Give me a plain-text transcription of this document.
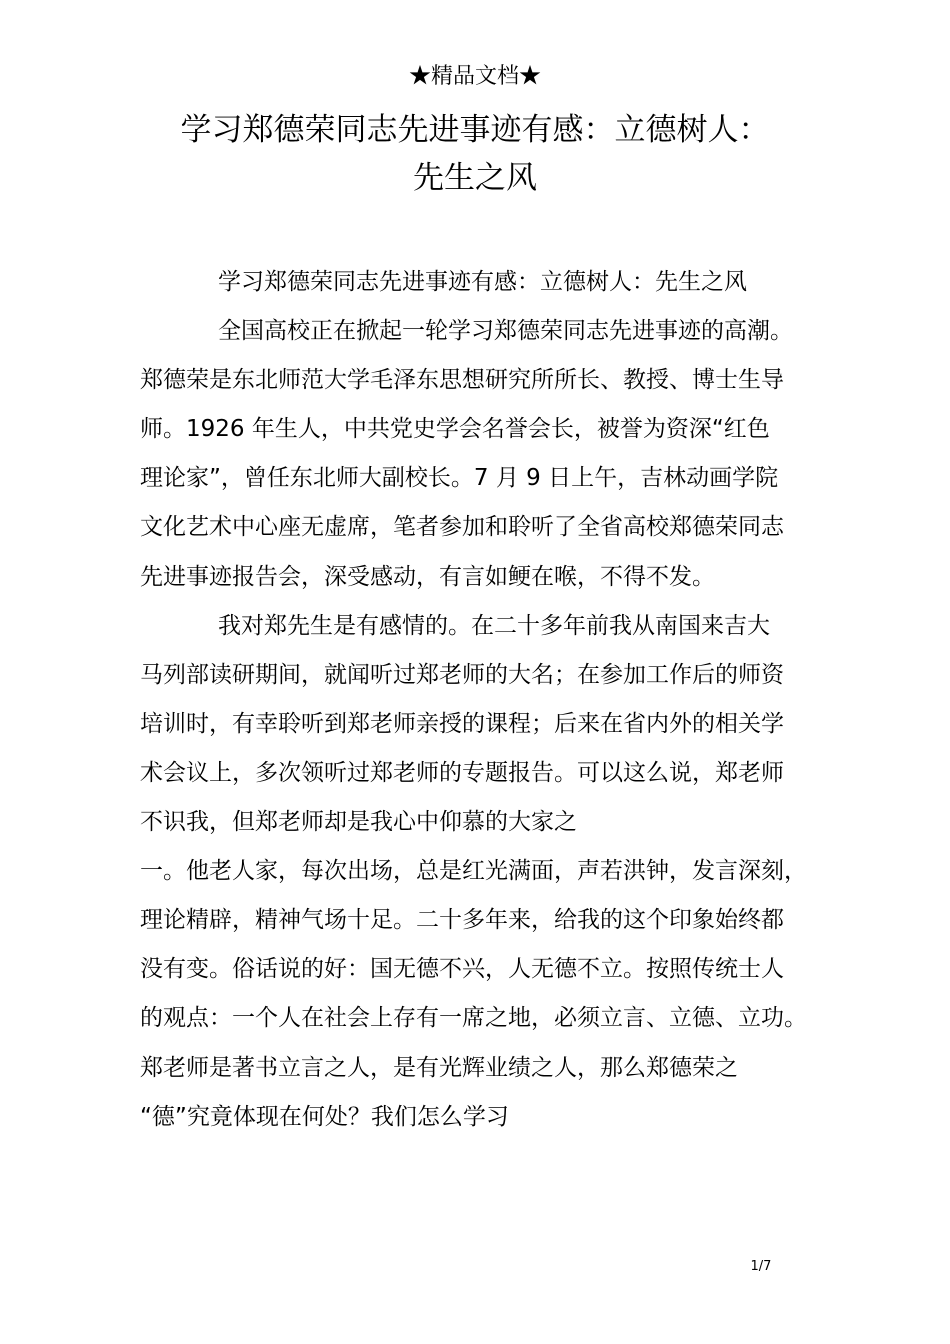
★精品文档★
学习郑德荣同志先进事迹有感：立德树人：
先生之风
学习郑德荣同志先进事迹有感：立德树人：先生之风
全国高校正在掀起一轮学习郑德荣同志先进事迹的高潮。
郑德荣是东北师范大学毛泽东思想研究所所长、教授、博士生导
师。1926 年生人，中共党史学会名誉会长，被誉为资深“红色
理论家”，曾任东北师大副校长。7 月 9 日上午，吉林动画学院
文化艺术中心座无虚席，笔者参加和聆听了全省高校郑德荣同志
先进事迹报告会，深受感动，有言如鲠在喉，不得不发。
我对郑先生是有感情的。在二十多年前我从南国来吉大
马列部读研期间，就闻听过郑老师的大名；在参加工作后的师资
培训时，有幸聆听到郑老师亲授的课程；后来在省内外的相关学
术会议上，多次领听过郑老师的专题报告。可以这么说，郑老师
不识我，但郑老师却是我心中仰慕的大家之
一。他老人家，每次出场，总是红光满面，声若洪钟，发言深刻，
理论精辟，精神气场十足。二十多年来，给我的这个印象始终都
没有变。俗话说的好：国无德不兴，人无德不立。按照传统士人
的观点：一个人在社会上存有一席之地，必须立言、立德、立功。
郑老师是著书立言之人，是有光辉业绩之人，那么郑德荣之
“德”究竟体现在何处？我们怎么学习
1/7
